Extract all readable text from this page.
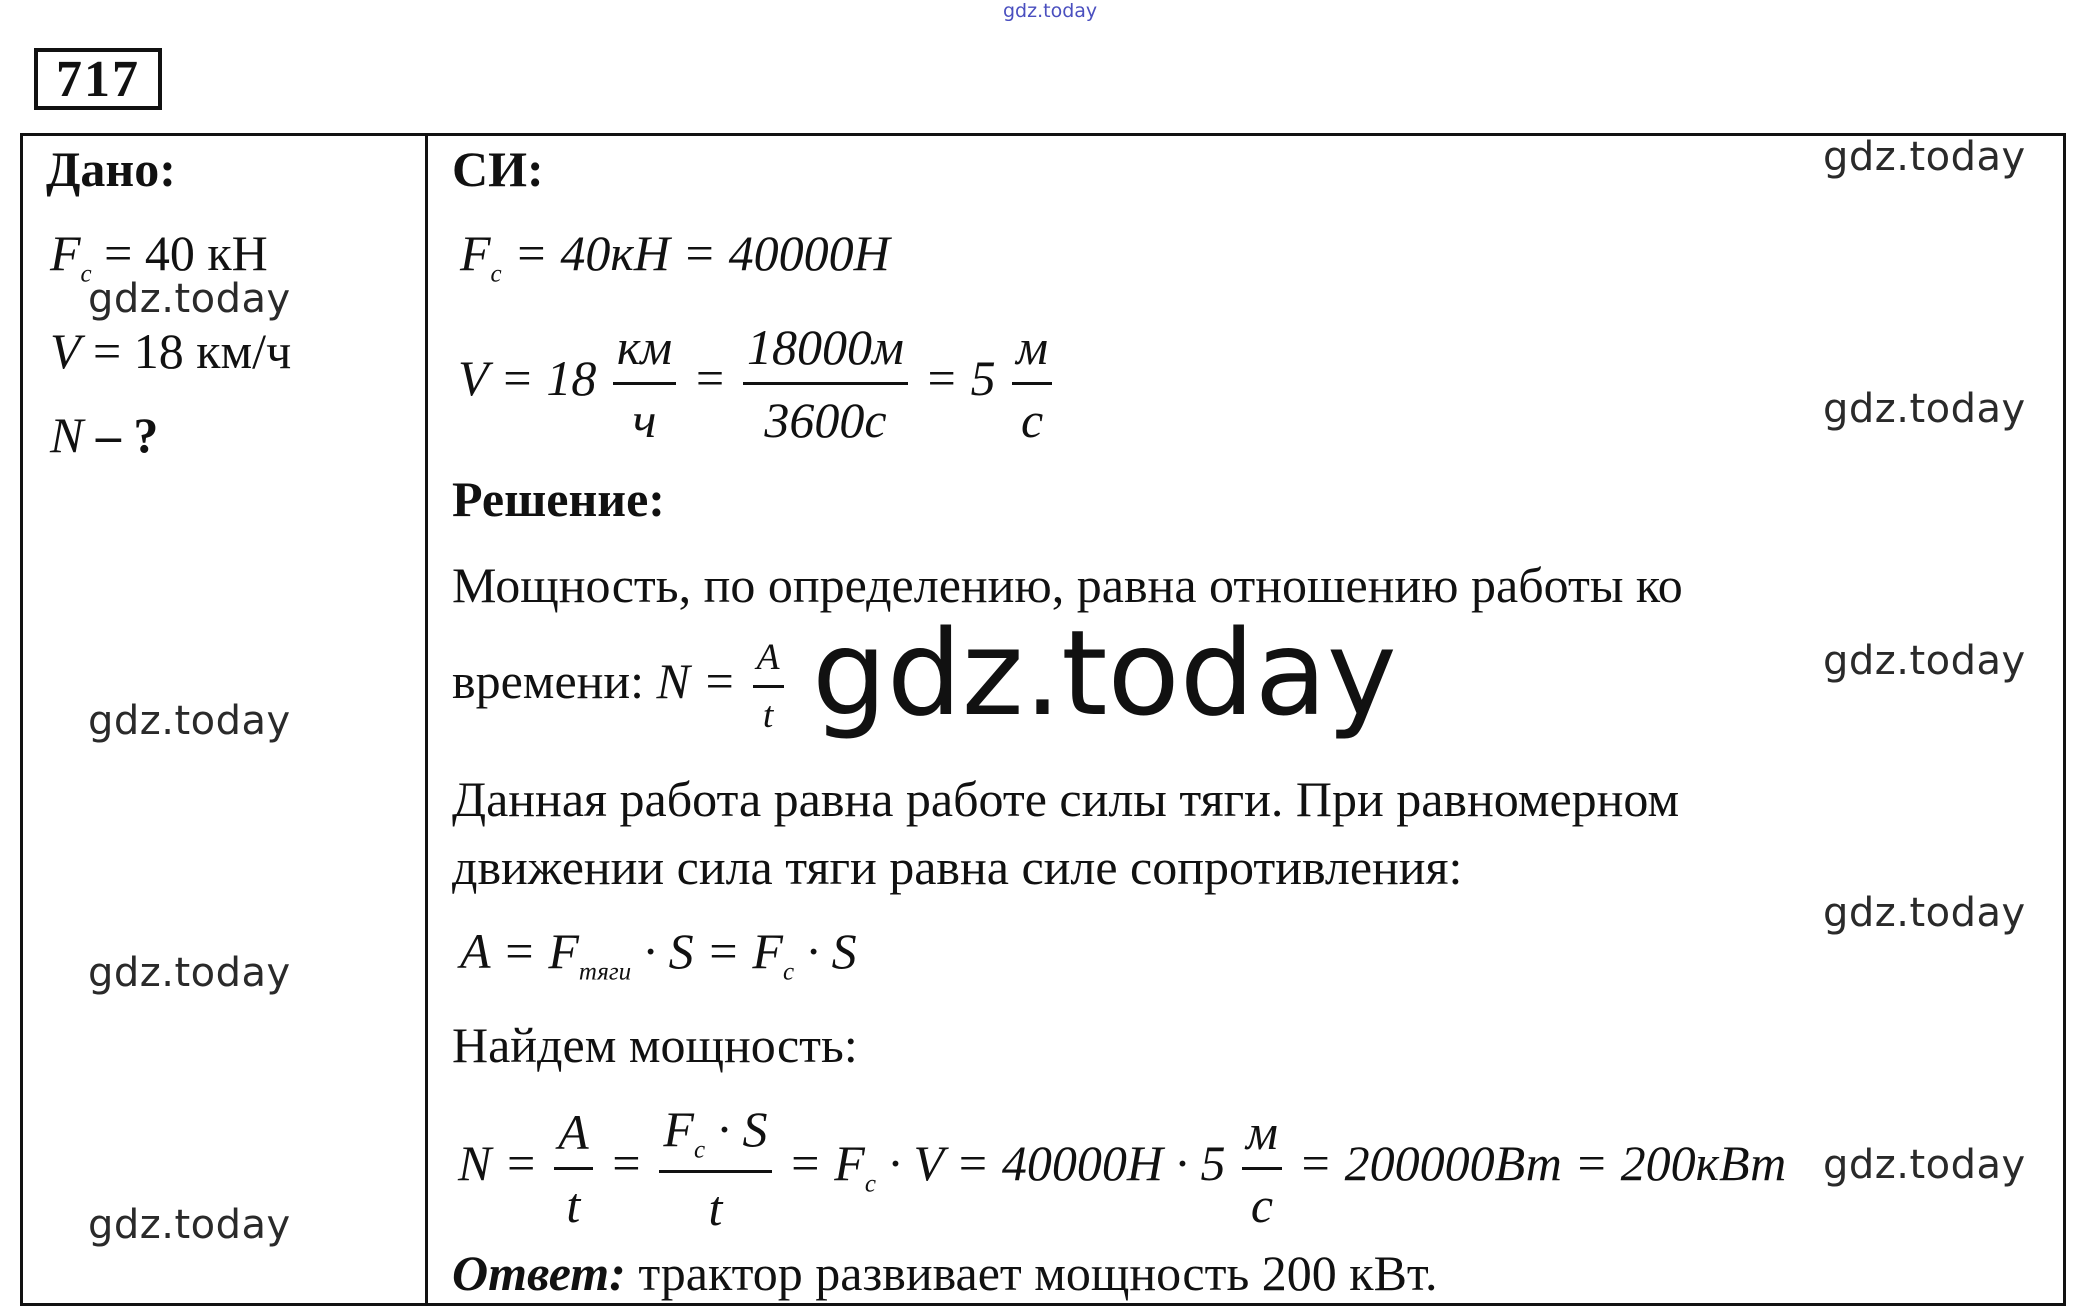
gdz.today
717
Дано:
$F_c = 40$ кН
V = 18 км/ч
N – ?
СИ:
$F_c = 40кН = 40000Н$
$V = 18 \frac{км}{ч} = \frac{18000м}{3600с} = 5 \frac{м}{с}$
Решение:
Мощность, по определению, равна отношению работы ко
времени: $N = \frac{A}{t}$
Данная работа равна работе силы тяги. При равномерном
движении сила тяги равна силе сопротивления:
$A = F_{тяги} \cdot S = F_c \cdot S$
Найдем мощность:
$N = \frac{A}{t} = \frac{F_c \cdot S}{t} = F_c \cdot V = 40000Н \cdot 5 \frac{м}{с} = 200000Вт = 200кВт$
Ответ: трактор развивает мощность 200 кВт.
gdz.today
gdz.today
gdz.today
gdz.today
gdz.today
gdz.today
gdz.today
gdz.today
gdz.today
gdz.today
